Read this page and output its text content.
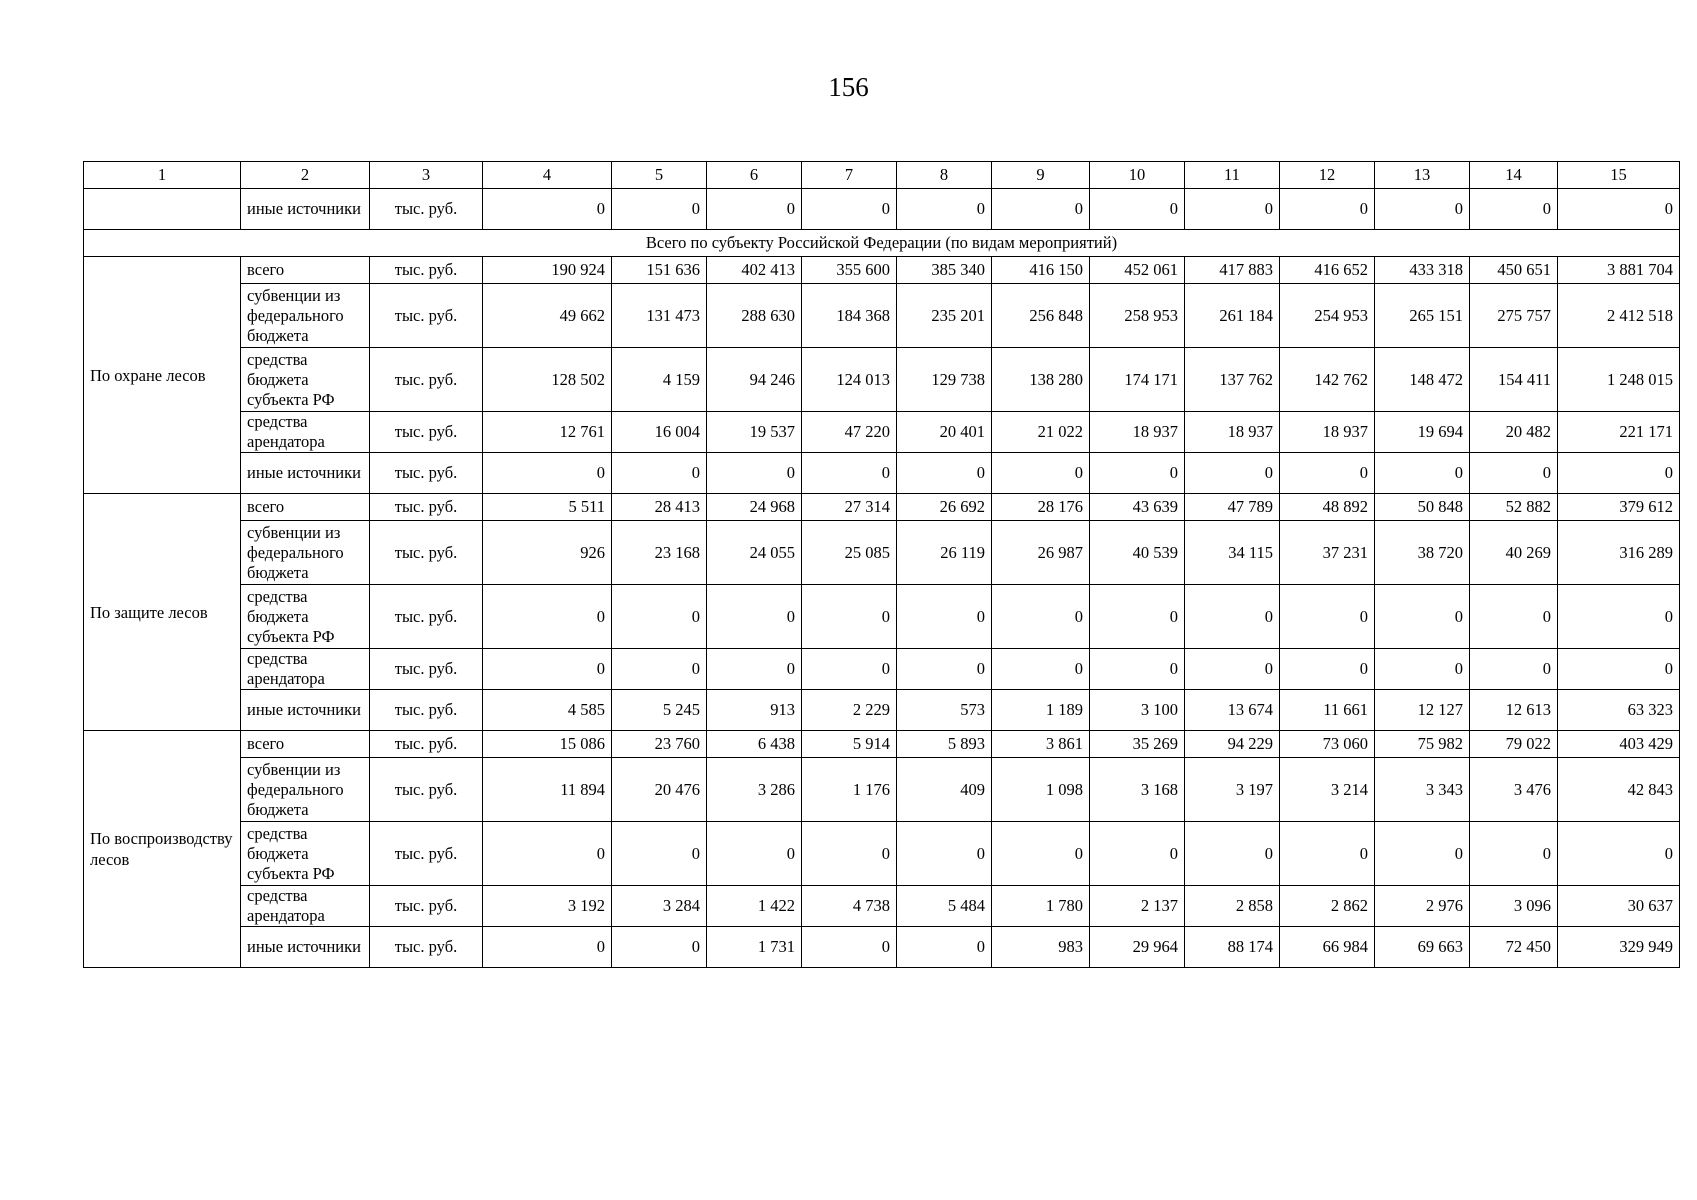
156
1	2	3	4	5	6	7	8	9	10	11	12	13	14	15
	иные источники	тыс. руб.	0	0	0	0	0	0	0	0	0	0	0	0
Всего по субъекту Российской Федерации (по видам мероприятий)														
По охране лесов	всего	тыс. руб.	190 924	151 636	402 413	355 600	385 340	416 150	452 061	417 883	416 652	433 318	450 651	3 881 704
	субвенции из федерального бюджета	тыс. руб.	49 662	131 473	288 630	184 368	235 201	256 848	258 953	261 184	254 953	265 151	275 757	2 412 518
	средства бюджета субъекта РФ	тыс. руб.	128 502	4 159	94 246	124 013	129 738	138 280	174 171	137 762	142 762	148 472	154 411	1 248 015
	средства арендатора	тыс. руб.	12 761	16 004	19 537	47 220	20 401	21 022	18 937	18 937	18 937	19 694	20 482	221 171
	иные источники	тыс. руб.	0	0	0	0	0	0	0	0	0	0	0	0
По защите лесов	всего	тыс. руб.	5 511	28 413	24 968	27 314	26 692	28 176	43 639	47 789	48 892	50 848	52 882	379 612
	субвенции из федерального бюджета	тыс. руб.	926	23 168	24 055	25 085	26 119	26 987	40 539	34 115	37 231	38 720	40 269	316 289
	средства бюджета субъекта РФ	тыс. руб.	0	0	0	0	0	0	0	0	0	0	0	0
	средства арендатора	тыс. руб.	0	0	0	0	0	0	0	0	0	0	0	0
	иные источники	тыс. руб.	4 585	5 245	913	2 229	573	1 189	3 100	13 674	11 661	12 127	12 613	63 323
По воспроизводству лесов	всего	тыс. руб.	15 086	23 760	6 438	5 914	5 893	3 861	35 269	94 229	73 060	75 982	79 022	403 429
	субвенции из федерального бюджета	тыс. руб.	11 894	20 476	3 286	1 176	409	1 098	3 168	3 197	3 214	3 343	3 476	42 843
	средства бюджета субъекта РФ	тыс. руб.	0	0	0	0	0	0	0	0	0	0	0	0
	средства арендатора	тыс. руб.	3 192	3 284	1 422	4 738	5 484	1 780	2 137	2 858	2 862	2 976	3 096	30 637
	иные источники	тыс. руб.	0	0	1 731	0	0	983	29 964	88 174	66 984	69 663	72 450	329 949
